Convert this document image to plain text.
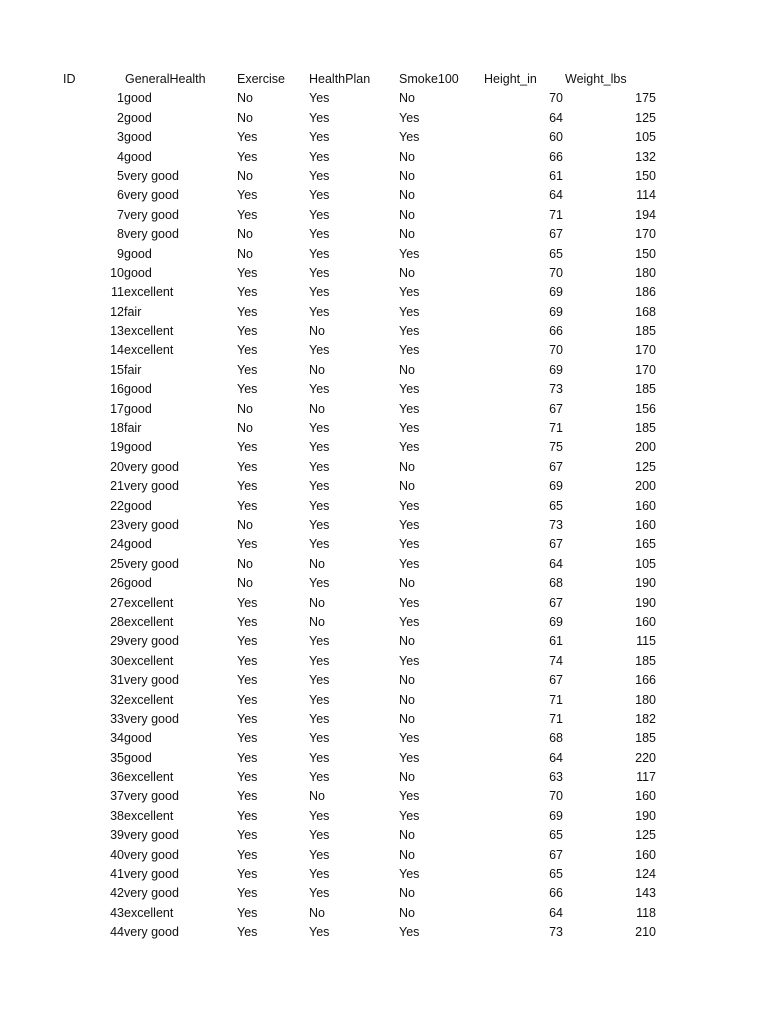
ID	GeneralHealth	Exercise HealthPlan Smoke100 Height_in Weight_lbs
1 good	No	Yes	No	70	175
2 good	No	Yes	Yes	64	125
3 good	Yes	Yes	Yes	60	105
4 good	Yes	Yes	No	66	132
5 very good	No	Yes	No	61	150
6 very good	Yes	Yes	No	64	114
7 very good	Yes	Yes	No	71	194
8 very good	No	Yes	No	67	170
9 good	No	Yes	Yes	65	150
10 good	Yes	Yes	No	70	180
11 excellent	Yes	Yes	Yes	69	186
12 fair	Yes	Yes	Yes	69	168
13 excellent	Yes	No	Yes	66	185
14 excellent	Yes	Yes	Yes	70	170
15 fair	Yes	No	No	69	170
16 good	Yes	Yes	Yes	73	185
17 good	No	No	Yes	67	156
18 fair	No	Yes	Yes	71	185
19 good	Yes	Yes	Yes	75	200
20 very good	Yes	Yes	No	67	125
21 very good	Yes	Yes	No	69	200
22 good	Yes	Yes	Yes	65	160
23 very good	No	Yes	Yes	73	160
24 good	Yes	Yes	Yes	67	165
25 very good	No	No	Yes	64	105
26 good	No	Yes	No	68	190
27 excellent	Yes	No	Yes	67	190
28 excellent	Yes	No	Yes	69	160
29 very good	Yes	Yes	No	61	115
30 excellent	Yes	Yes	Yes	74	185
31 very good	Yes	Yes	No	67	166
32 excellent	Yes	Yes	No	71	180
33 very good	Yes	Yes	No	71	182
34 good	Yes	Yes	Yes	68	185
35 good	Yes	Yes	Yes	64	220
36 excellent	Yes	Yes	No	63	117
37 very good	Yes	No	Yes	70	160
38 excellent	Yes	Yes	Yes	69	190
39 very good	Yes	Yes	No	65	125
40 very good	Yes	Yes	No	67	160
41 very good	Yes	Yes	Yes	65	124
42 very good	Yes	Yes	No	66	143
43 excellent	Yes	No	No	64	118
44 very good	Yes	Yes	Yes	73	210
